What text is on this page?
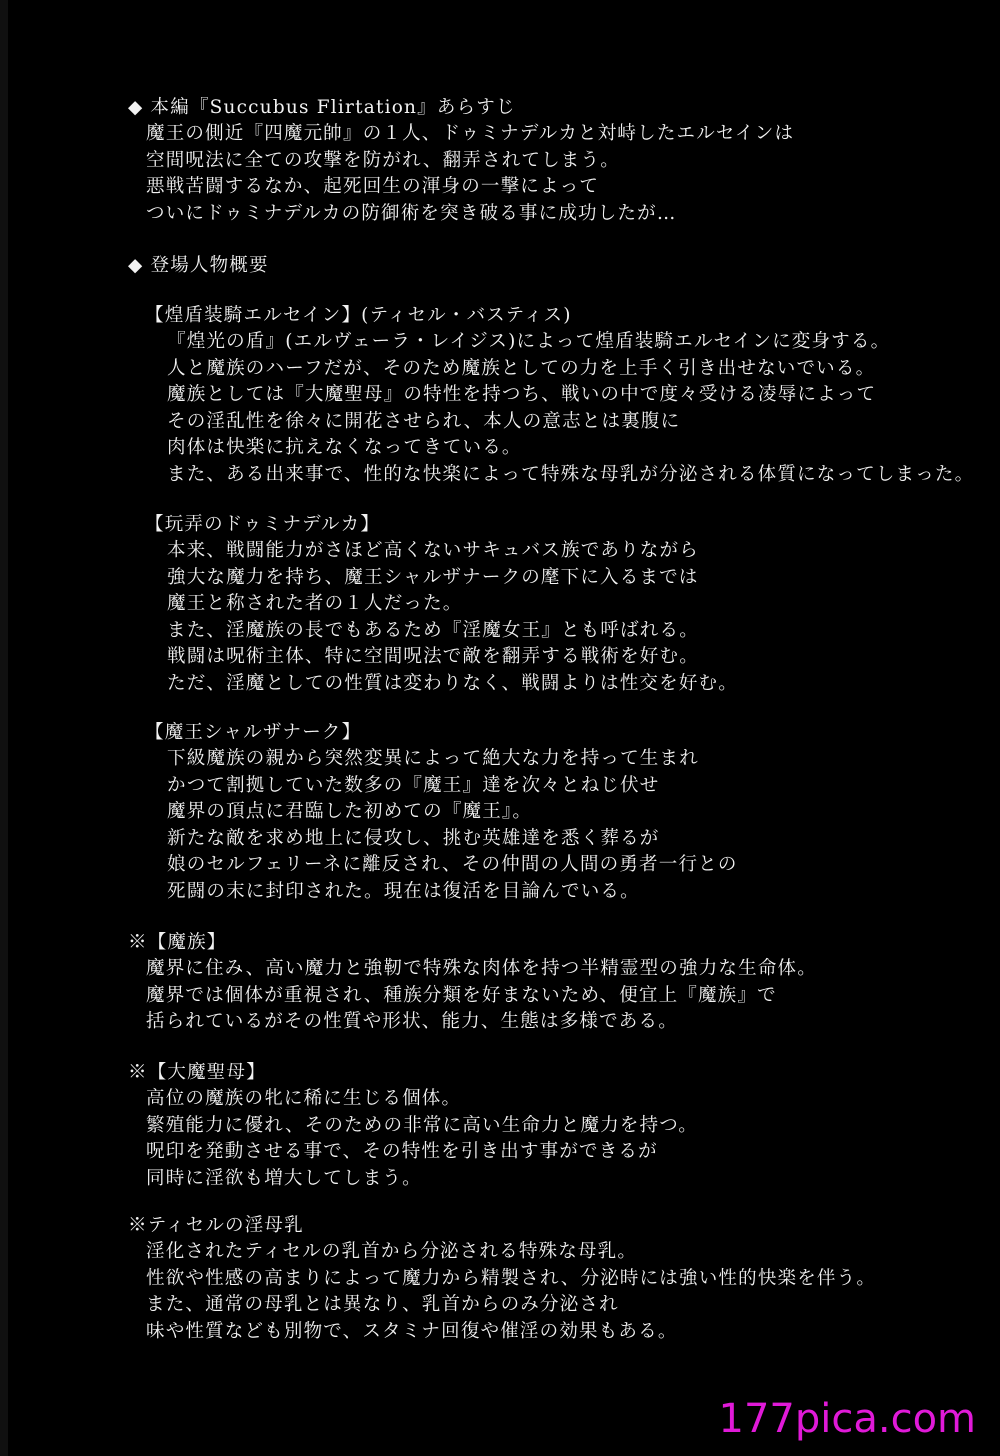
◆ 本編『Succubus Flirtation』あらすじ
魔王の側近『四魔元帥』の１人、ドゥミナデルカと対峙したエルセインは
空間呪法に全ての攻撃を防がれ、翻弄されてしまう。
悪戦苦闘するなか、起死回生の渾身の一撃によって
ついにドゥミナデルカの防御術を突き破る事に成功したが…
◆ 登場人物概要
【煌盾装騎エルセイン】(ティセル・バスティス)
『煌光の盾』(エルヴェーラ・レイジス)によって煌盾装騎エルセインに変身する。
人と魔族のハーフだが、そのため魔族としての力を上手く引き出せないでいる。
魔族としては『大魔聖母』の特性を持つち、戦いの中で度々受ける凌辱によって
その淫乱性を徐々に開花させられ、本人の意志とは裏腹に
肉体は快楽に抗えなくなってきている。
また、ある出来事で、性的な快楽によって特殊な母乳が分泌される体質になってしまった。
【玩弄のドゥミナデルカ】
本来、戦闘能力がさほど高くないサキュバス族でありながら
強大な魔力を持ち、魔王シャルザナークの麾下に入るまでは
魔王と称された者の１人だった。
また、淫魔族の長でもあるため『淫魔女王』とも呼ばれる。
戦闘は呪術主体、特に空間呪法で敵を翻弄する戦術を好む。
ただ、淫魔としての性質は変わりなく、戦闘よりは性交を好む。
【魔王シャルザナーク】
下級魔族の親から突然変異によって絶大な力を持って生まれ
かつて割拠していた数多の『魔王』達を次々とねじ伏せ
魔界の頂点に君臨した初めての『魔王』。
新たな敵を求め地上に侵攻し、挑む英雄達を悉く葬るが
娘のセルフェリーネに離反され、その仲間の人間の勇者一行との
死闘の末に封印された。現在は復活を目論んでいる。
※【魔族】
魔界に住み、高い魔力と強靭で特殊な肉体を持つ半精霊型の強力な生命体。
魔界では個体が重視され、種族分類を好まないため、便宜上『魔族』で
括られているがその性質や形状、能力、生態は多様である。
※【大魔聖母】
高位の魔族の牝に稀に生じる個体。
繁殖能力に優れ、そのための非常に高い生命力と魔力を持つ。
呪印を発動させる事で、その特性を引き出す事ができるが
同時に淫欲も増大してしまう。
※ティセルの淫母乳
淫化されたティセルの乳首から分泌される特殊な母乳。
性欲や性感の高まりによって魔力から精製され、分泌時には強い性的快楽を伴う。
また、通常の母乳とは異なり、乳首からのみ分泌され
味や性質なども別物で、スタミナ回復や催淫の効果もある。
177pica.com
